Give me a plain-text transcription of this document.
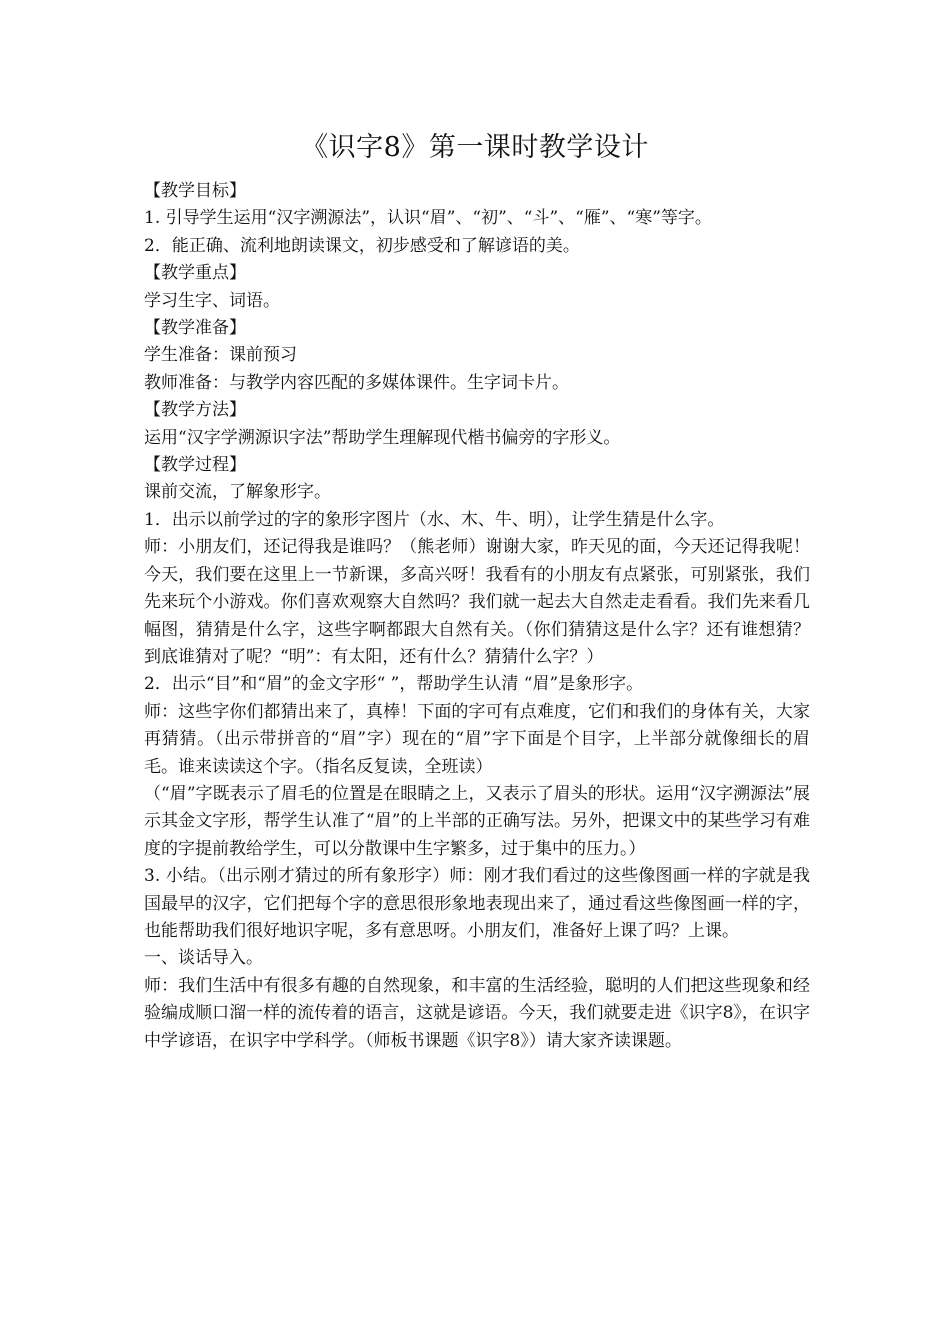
《识字8》第一课时教学设计

【教学目标】

1. 引导学生运用“汉字溯源法”，认识“眉”、“初”、“斗”、“雁”、“寒”等字。

2．能正确、流利地朗读课文，初步感受和了解谚语的美。

【教学重点】

学习生字、词语。

【教学准备】

学生准备：课前预习

教师准备：与教学内容匹配的多媒体课件。生字词卡片。

【教学方法】

运用“汉字学溯源识字法”帮助学生理解现代楷书偏旁的字形义。

【教学过程】

课前交流，了解象形字。

1．出示以前学过的字的象形字图片（水、木、牛、明），让学生猜是什么字。

师：小朋友们，还记得我是谁吗？（熊老师）谢谢大家，昨天见的面，今天还记得我呢！今天，我们要在这里上一节新课，多高兴呀！我看有的小朋友有点紧张，可别紧张，我们先来玩个小游戏。你们喜欢观察大自然吗？我们就一起去大自然走走看看。我们先来看几幅图，猜猜是什么字，这些字啊都跟大自然有关。（你们猜猜这是什么字？还有谁想猜？到底谁猜对了呢？“明”：有太阳，还有什么？猜猜什么字？）

2．出示“目”和“眉”的金文字形“ ”，帮助学生认清 “眉”是象形字。

师：这些字你们都猜出来了，真棒！下面的字可有点难度，它们和我们的身体有关，大家再猜猜。（出示带拼音的“眉”字）现在的“眉”字下面是个目字，上半部分就像细长的眉毛。谁来读读这个字。（指名反复读，全班读）

（“眉”字既表示了眉毛的位置是在眼睛之上，又表示了眉头的形状。运用“汉字溯源法”展示其金文字形，帮学生认准了“眉”的上半部的正确写法。另外，把课文中的某些学习有难度的字提前教给学生，可以分散课中生字繁多，过于集中的压力。）

3. 小结。（出示刚才猜过的所有象形字）师：刚才我们看过的这些像图画一样的字就是我国最早的汉字，它们把每个字的意思很形象地表现出来了，通过看这些像图画一样的字，也能帮助我们很好地识字呢，多有意思呀。小朋友们，准备好上课了吗？上课。

一、谈话导入。

师：我们生活中有很多有趣的自然现象，和丰富的生活经验，聪明的人们把这些现象和经验编成顺口溜一样的流传着的语言，这就是谚语。今天，我们就要走进《识字8》，在识字中学谚语，在识字中学科学。（师板书课题《识字8》）请大家齐读课题。
